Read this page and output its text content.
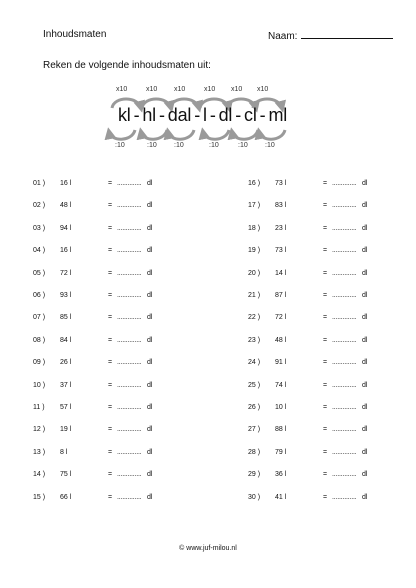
Inhoudsmaten	Naam:
Reken de volgende inhoudsmaten uit:
kl - hl - dal - l - dl - cl - ml
x10	x10 x10	x10 x10 x10
:10	:10 :10	:10	:10 :10
01 ) 16 l	= .............. dl
02 ) 48 l	= .............. dl
03 ) 94 l	= .............. dl
04 ) 16 l	= .............. dl
05 ) 72 l	= .............. dl
06 ) 93 l	= .............. dl
07 ) 85 l	= .............. dl
08 ) 84 l	= .............. dl
09 ) 26 l	= .............. dl
10 ) 37 l	= .............. dl
11 ) 57 l	= .............. dl
12 ) 19 l	= .............. dl
13 ) 8 l	= .............. dl
14 ) 75 l	= .............. dl
15 ) 66 l	= .............. dl
16 ) 73 l	= .............. dl
17 ) 83 l	= .............. dl
18 ) 23 l	= .............. dl
19 ) 73 l	= .............. dl
20 ) 14 l	= .............. dl
21 ) 87 l	= .............. dl
22 ) 72 l	= .............. dl
23 ) 48 l	= .............. dl
24 ) 91 l	= .............. dl
25 ) 74 l	= .............. dl
26 ) 10 l	= .............. dl
27 ) 88 l	= .............. dl
28 ) 79 l	= .............. dl
29 ) 36 l	= .............. dl
30 ) 41 l	= .............. dl
© www.juf-milou.nl
